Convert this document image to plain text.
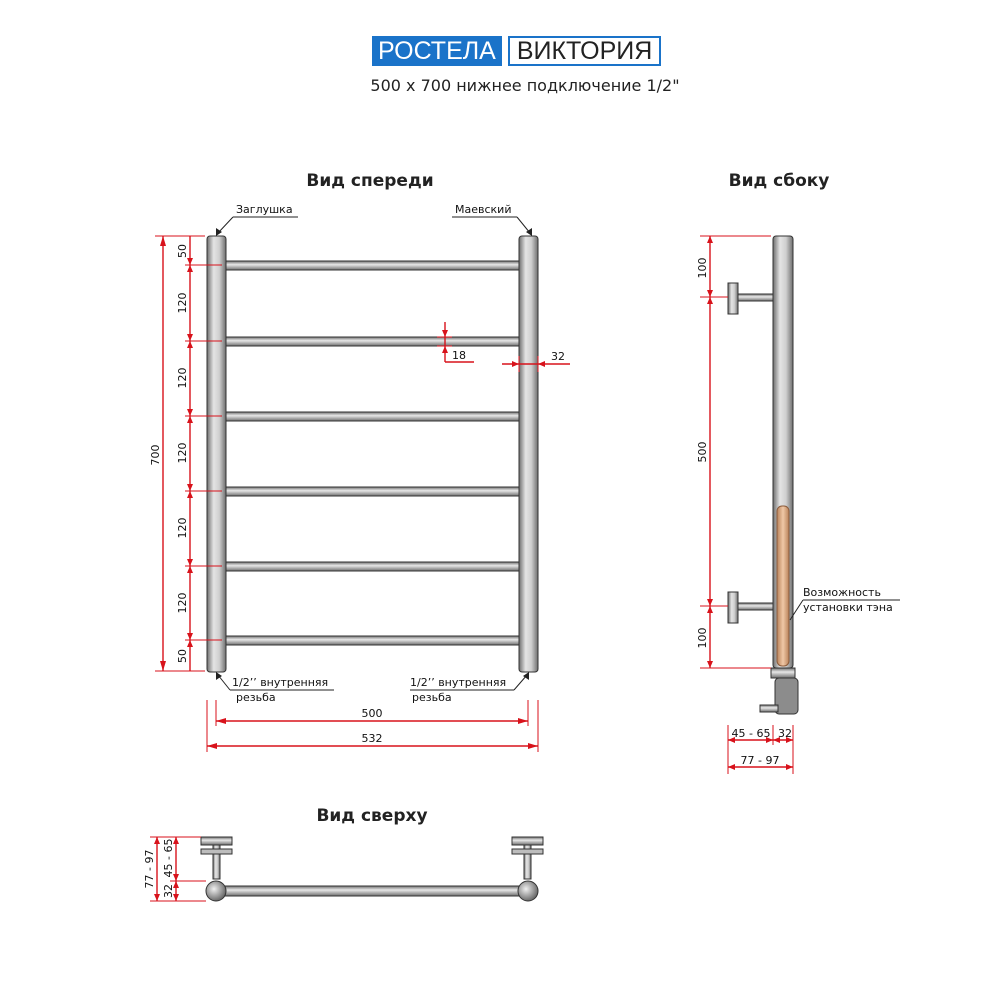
РОСТЕЛА ВИКТОРИЯ
500 x 700 нижнее подключение 1/2"
Вид спереди
Заглушка	Маевский
1/2’’ внутренняя
резьба
1/2’’ внутренняя
резьба
700
50
120
120
120
120
120
50
18	32
500
532
Вид сбоку
Возможность
установки тэна
100
500
100
45 - 65 32
77 - 97
Вид сверху
77 - 97
32
45 - 65
